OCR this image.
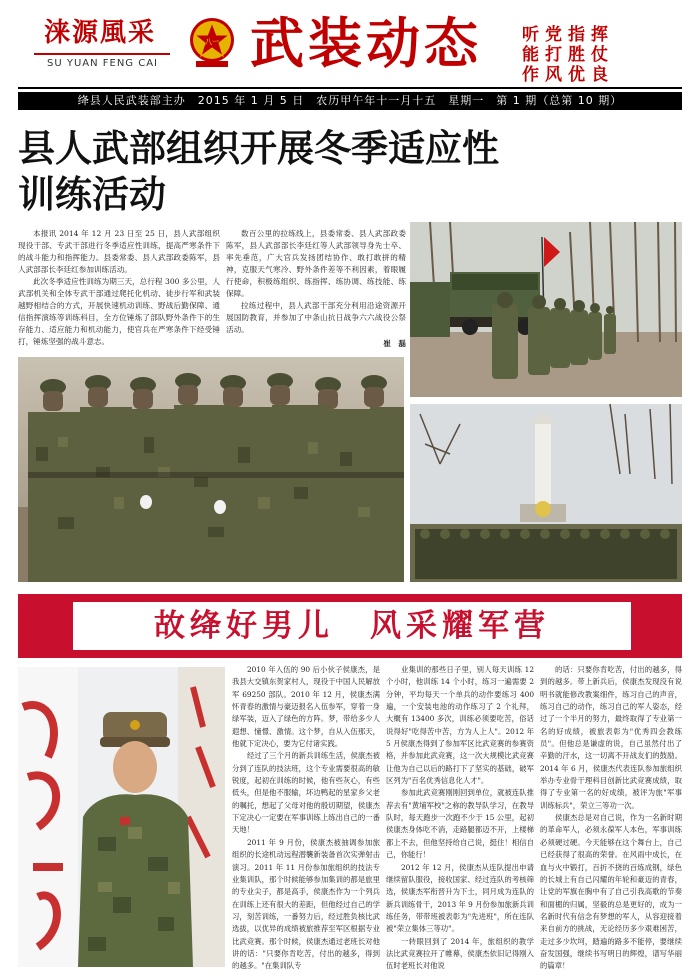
涞源風采
SU YUAN FENG CAI
八一 武装动态	听党指挥
能打胜仗
作风优良
绛县人民武装部主办　2015 年 1 月 5 日　农历甲午年十一月十五　星期一　第 1 期（总第 10 期）
县人武部组织开展冬季适应性
训练活动

本报讯 2014 年 12 月 23 日至 25 日，县人武部组织现役干部、专武干部进行冬季适应性训练，提高严寒条件下的战斗能力和指挥能力。县委常委、县人武部政委陈军，县人武部部长李廷红参加训练活动。

此次冬季适应性训练为期三天，总行程 300 多公里，人武部机关和全体专武干部通过爬托化机动、徒步行军和武装越野相结合的方式，开展快速机动训练、野战后勤保障、通信指挥演练等训练科目，全方位锤炼了部队野外条件下的生存能力、适应能力和机动能力，使官兵在严寒条件下经受锤打，锤炼坚强的战斗意志。

数百公里的拉练线上，县委常委、县人武部政委陈军，县人武部部长李廷红等人武部领导身先士卒、率先垂范，广大官兵发扬团结协作、敢打敢拼的精神，克服天气寒冷、野外条件差等不利因素，着眼履行使命，积极练组织、练指挥、练协调、练技能、练保障。

拉练过程中，县人武部干部充分利用沿途资源开展国防教育，并参加了中条山抗日战争六六战役公祭活动。

崔　磊
故绛好男儿　风采耀军营

2010 年入伍的 90 后小伙子侯康杰，是我县大交镇东贺家村人，现役于中国人民解放军 69250 部队。2010 年 12 月，侯康杰满怀青春的激情与豪迈报名入伍参军，穿着一身绿军装，迈入了绿色的方阵。梦，带给多少人遐想、憧憬、激情。这个梦，自从入伍那天，他就下定决心，要为它付诸实践。

经过了三个月的新兵训练生活，侯康杰被分到了连队的技法班，这个专业需要很高的敏锐度，起初在训练的时候，他有些灰心，有些低头，但是他不服输，坏边鸭起的星家乡父老的嘱托，想起了父母对他的殷切期望，侯康杰下定决心一定要在军事训练上练出自己的一番天地！

2011 年 9 月份，侯康杰被抽调参加旅组织的长途机动远程潜襲新装备首次实弹射击演习。2011 年 11 月份参加旅组织的技法专业集训队，那个时候能够参加集训的都是旅里的专业尖子，都是高手，侯康杰作为一个列兵在训练上还有很大的差距，但他经过自己的学习，刻苦训练，一番努力后，经过胜负核比武选拔，以优异的成绩被旅推荐至军区根据专业比武竞赛。那个时候，侯康杰通过老班长对他讲的话："只要你肯吃苦，付出的越多，得到的越多。"在集训队专

业集训的那些日子里，别人每天训练 12 个小时，他训练 14 个小时，练习一遍需要 2 分钟，平均每天一个单兵的动作要练习 400 遍，一个安装电池的动作练习了 2 个礼拜，大概有 13400 多次，训练必须要吃苦，俗话说得好"吃得苦中苦，方为人上人"。2012 年 5 月侯康杰得到了参加军区比武竞赛的参赛资格，并参加此武竞赛，这一次大规模比武竞赛让他为自己以后的路打下了坚实的基础，破军区列为"百名优秀信息化人才"。

参加此武竞赛刚刚回到单位，就被连队推荐去有"黄埔军校"之称的教导队学习，在教导队时，每天跑步一次跑不少于 15 公里，起初侯康杰身体吃不消，走路腿都迈不开，上楼梯都上不去，但他坚持给自己说，挺住！相信自己，你能行！

2012 年 12 月，侯康杰从连队提出申请继续留队服役，接收国家、经过连队的考核筛选，侯康杰军衔晋升为下士，同月成为连队的新兵训练骨干，2013 年 9 月份参加旅新兵训练任务，带带班被表彰为"先进班"，所在连队被"荣立集体三等功"。

一转眼回到了 2014 年，旅组织的教学法比武竞赛拉开了帷幕，侯康杰依旧记得刚入伍时老班长对他说

的话：只要你肯吃苦，付出的越多，得到的越多。带上新兵后，侯康杰发现没有说明书就能修改教案细件，练习自己的声音，练习自己的动作，练习自己的军人姿态，经过了一个半月的努力，最终取得了专业第一名的好成绩，被旅表彰为"优秀四会教练员"。但他总是谦虚的说，自己虽然付出了辛勤的汗水，这一切离不开战友们的鼓励。2014 年 6 月，侯康杰代表连队参加旅组织举办专业骨干理科目创新比武竞赛成绩，取得了专业第一名的好成绩，被评为旅"军事训练标兵"，荣立三等功一次。

侯康杰总是对自己说，作为一名新时期的革命军人，必须永葆军人本色，军事训练必须硬过硬。今天能够在这个舞台上，自己已经获得了很高的荣誉。在风雨中成长，在血与火中锻打，百折不挠的百炼成钢，绿色的长城上有自己闪耀的年轮和豪迈的青春，让党的军旗在胸中有了自己引我高歌的节奏和面楣的归属，坚毅的总是更好的，成为一名新时代有信念有梦想的军人，从容迎接着来自前方的挑战，无论经历多少艰难困苦，走过多少坎坷，踏遍的路多不能停，要继续奋发国强，继续书写明日的辉煌，谱写华丽的篇章！
